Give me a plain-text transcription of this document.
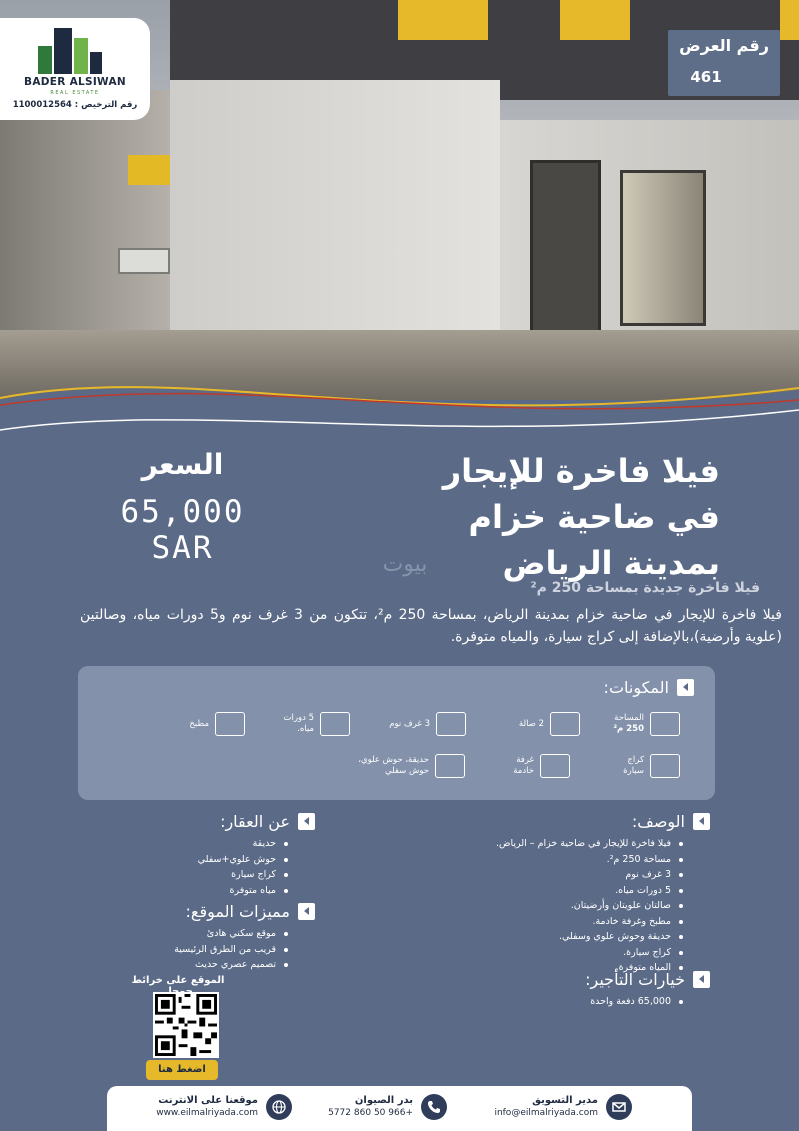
BADER ALSIWAN
REAL ESTATE
رقم الترخيص : 1100012564
رقم العرض
461
فيلا فاخرة للإيجار
في ضاحية خزام
بمدينة الرياض
السعر
65,000
SAR	بيوت
فيلا فاخرة جديدة بمساحة 250 م²
فيلا فاخرة للإيجار في ضاحية خزام بمدينة الرياض، بمساحة 250 م²، تتكون من 3 غرف نوم و5 دورات مياه، وصالتين (علوية وأرضية)،بالإضافة إلى كراج سيارة، والمياه متوفرة.
المكونات:
المساحة
250 م²
2 صالة
3 غرف نوم
5 دورات
مياه.
مطبخ
كراج
سيارة
غرفة
خادمة
حديقة، حوش علوي،
حوش سفلي
الوصف:
فيلا فاخرة للإيجار في ضاحية خزام – الرياض.
مساحة 250 م².
3 غرف نوم
5 دورات مياه.
صالتان علويتان وأرضيتان.
مطبخ وغرفة خادمة.
حديقة وحوش علوي وسفلي.
كراج سيارة.
المياه متوفرة.
خيارات التأجير:
65,000 دفعة واحدة
عن العقار:
حديقة
حوش علوي+سفلي
كراج سيارة
مياه متوفرة
مميزات الموقع:
موقع سكني هادئ
قريب من الطرق الرئيسية
تصميم عصري حديث
الموقع على خرائط
اضغط هنا
مدير التسويق
info@eilmalriyada.com
بدر الصيوان
+966 50 860 5772
موقعنا على الانترنت
www.eilmalriyada.com
